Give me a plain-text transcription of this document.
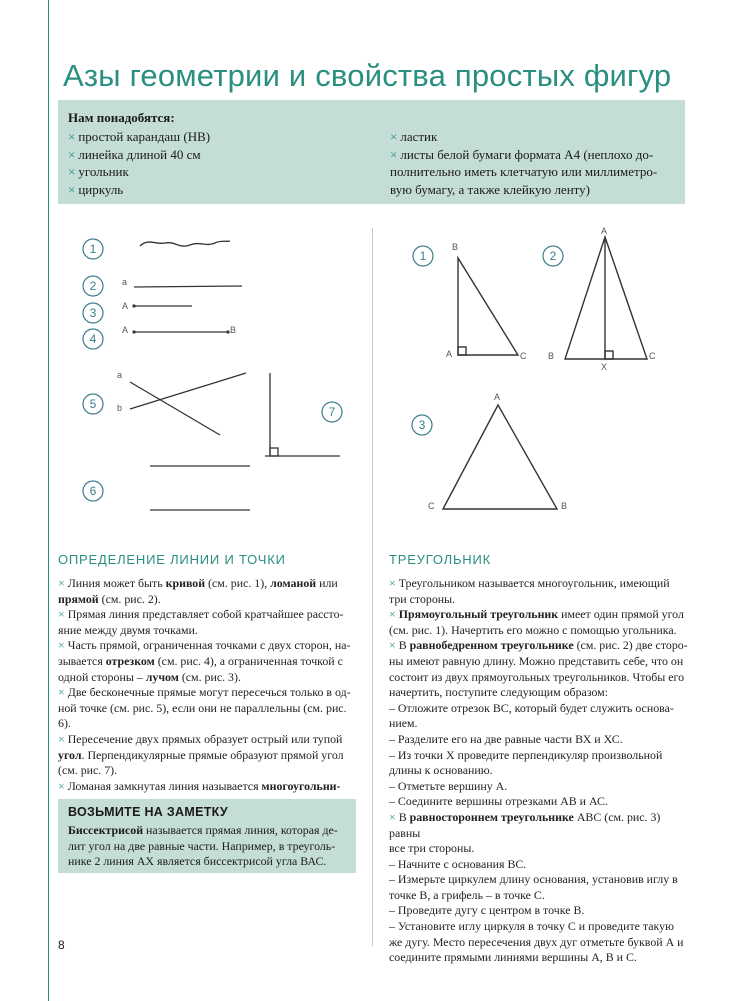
Азы геометрии и свойства простых фигур
Нам понадобятся:
× простой карандаш (HB)
× линейка длиной 40 см
× угольник
× циркуль
× ластик
× листы белой бумаги формата А4 (неплохо до-
полнительно иметь клетчатую или миллиметро-
вую бумагу, а также клейкую ленту)
1
2
3
4
5
6
7
a
A
A	B
a
b
1	2
3
B
A	C
A
B	C
X
A
C	B
ОПРЕДЕЛЕНИЕ ЛИНИИ И ТОЧКИ

× Линия может быть кривой (см. рис. 1), ломаной или

прямой (см. рис. 2).

× Прямая линия представляет собой кратчайшее рассто-

яние между двумя точками.

× Часть прямой, ограниченная точками с двух сторон, на-

зывается отрезком (см. рис. 4), а ограниченная точкой с

одной стороны – лучом (см. рис. 3).

× Две бесконечные прямые могут пересечься только в од-

ной точке (см. рис. 5), если они не параллельны (см. рис. 6).

× Пересечение двух прямых образует острый или тупой

угол. Перпендикулярные прямые образуют прямой угол

(см. рис. 7).

× Ломаная замкнутая линия называется многоугольни-

ВОЗЬМИТЕ НА ЗАМЕТКУ
Биссектрисой называется прямая линия, которая де-
лит угол на две равные части. Например, в треуголь-
нике 2 линия АХ является биссектрисой угла ВАС.
ТРЕУГОЛЬНИК

× Треугольником называется многоугольник, имеющий

три стороны.

× Прямоугольный треугольник имеет один прямой угол

(см. рис. 1). Начертить его можно с помощью угольника.

× В равнобедренном треугольнике (см. рис. 2) две сторо-

ны имеют равную длину. Можно представить себе, что он

состоит из двух прямоугольных треугольников. Чтобы его

начертить, поступите следующим образом:

– Отложите отрезок ВС, который будет служить основа-

нием.

– Разделите его на две равные части ВХ и ХС.

– Из точки Х проведите перпендикуляр произвольной

длины к основанию.

– Отметьте вершину А.

– Соедините вершины отрезками АВ и АС.

× В равностороннем треугольнике АВС (см. рис. 3) равны

все три стороны.

– Начните с основания ВС.

– Измерьте циркулем длину основания, установив иглу в

точке В, а грифель – в точке С.

– Проведите дугу с центром в точке В.

– Установите иглу циркуля в точку С и проведите такую

же дугу. Место пересечения двух дуг отметьте буквой А и

соедините прямыми линиями вершины А, В и С.

8
